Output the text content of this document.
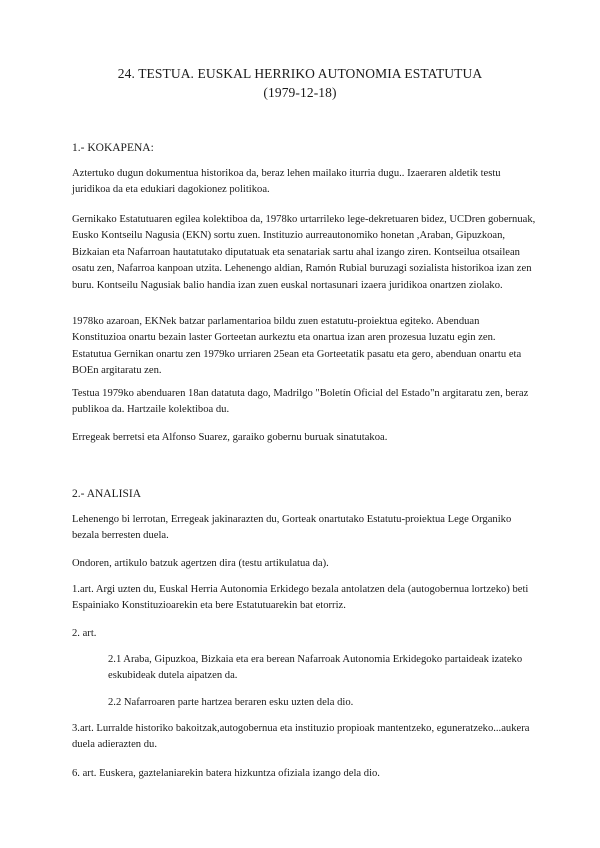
24. TESTUA. EUSKAL HERRIKO AUTONOMIA ESTATUTUA
(1979-12-18)
1.- KOKAPENA:

Aztertuko dugun dokumentua historikoa da, beraz lehen mailako iturria dugu.. Izaeraren aldetik testu juridikoa da eta edukiari dagokionez politikoa.

Gernikako Estatutuaren egilea kolektiboa da, 1978ko urtarrileko lege-dekretuaren bidez, UCDren gobernuak, Eusko Kontseilu Nagusia (EKN) sortu zuen. Instituzio aurreautonomiko honetan ,Araban, Gipuzkoan, Bizkaian eta Nafarroan hautatutako diputatuak eta senatariak sartu ahal izango ziren. Kontseilua otsailean osatu zen, Nafarroa kanpoan utzita. Lehenengo aldian, Ramón Rubial buruzagi sozialista historikoa izan zen buru. Kontseilu Nagusiak balio handia izan zuen euskal nortasunari izaera juridikoa onartzen ziolako.

1978ko azaroan, EKNek batzar parlamentarioa bildu zuen estatutu-proiektua egiteko. Abenduan Konstituzioa onartu bezain laster Gorteetan aurkeztu eta onartua izan aren prozesua luzatu egin zen. Estatutua Gernikan onartu zen 1979ko urriaren 25ean eta Gorteetatik pasatu eta gero, abenduan onartu eta BOEn argitaratu zen.

Testua 1979ko abenduaren 18an datatuta dago, Madrilgo "Boletín Oficial del Estado"n argitaratu zen, beraz publikoa da. Hartzaile kolektiboa du.

Erregeak berretsi eta Alfonso Suarez, garaiko gobernu buruak sinatutakoa.

2.- ANALISIA

Lehenengo bi lerrotan, Erregeak jakinarazten du, Gorteak onartutako Estatutu-proiektua Lege Organiko bezala berresten duela.

Ondoren, artikulo batzuk agertzen dira (testu artikulatua da).

1.art. Argi uzten du, Euskal Herria Autonomia Erkidego bezala antolatzen dela (autogobernua lortzeko) beti Espainiako Konstituzioarekin eta bere Estatutuarekin bat etorriz.

2. art.

2.1 Araba, Gipuzkoa, Bizkaia eta era berean Nafarroak Autonomia Erkidegoko partaideak izateko eskubideak dutela aipatzen da.

2.2 Nafarroaren parte hartzea beraren esku uzten dela dio.

3.art. Lurralde historiko bakoitzak,autogobernua eta instituzio propioak mantentzeko, eguneratzeko...aukera duela adierazten du.

6. art. Euskera, gaztelaniarekin batera hizkuntza ofiziala izango dela dio.
